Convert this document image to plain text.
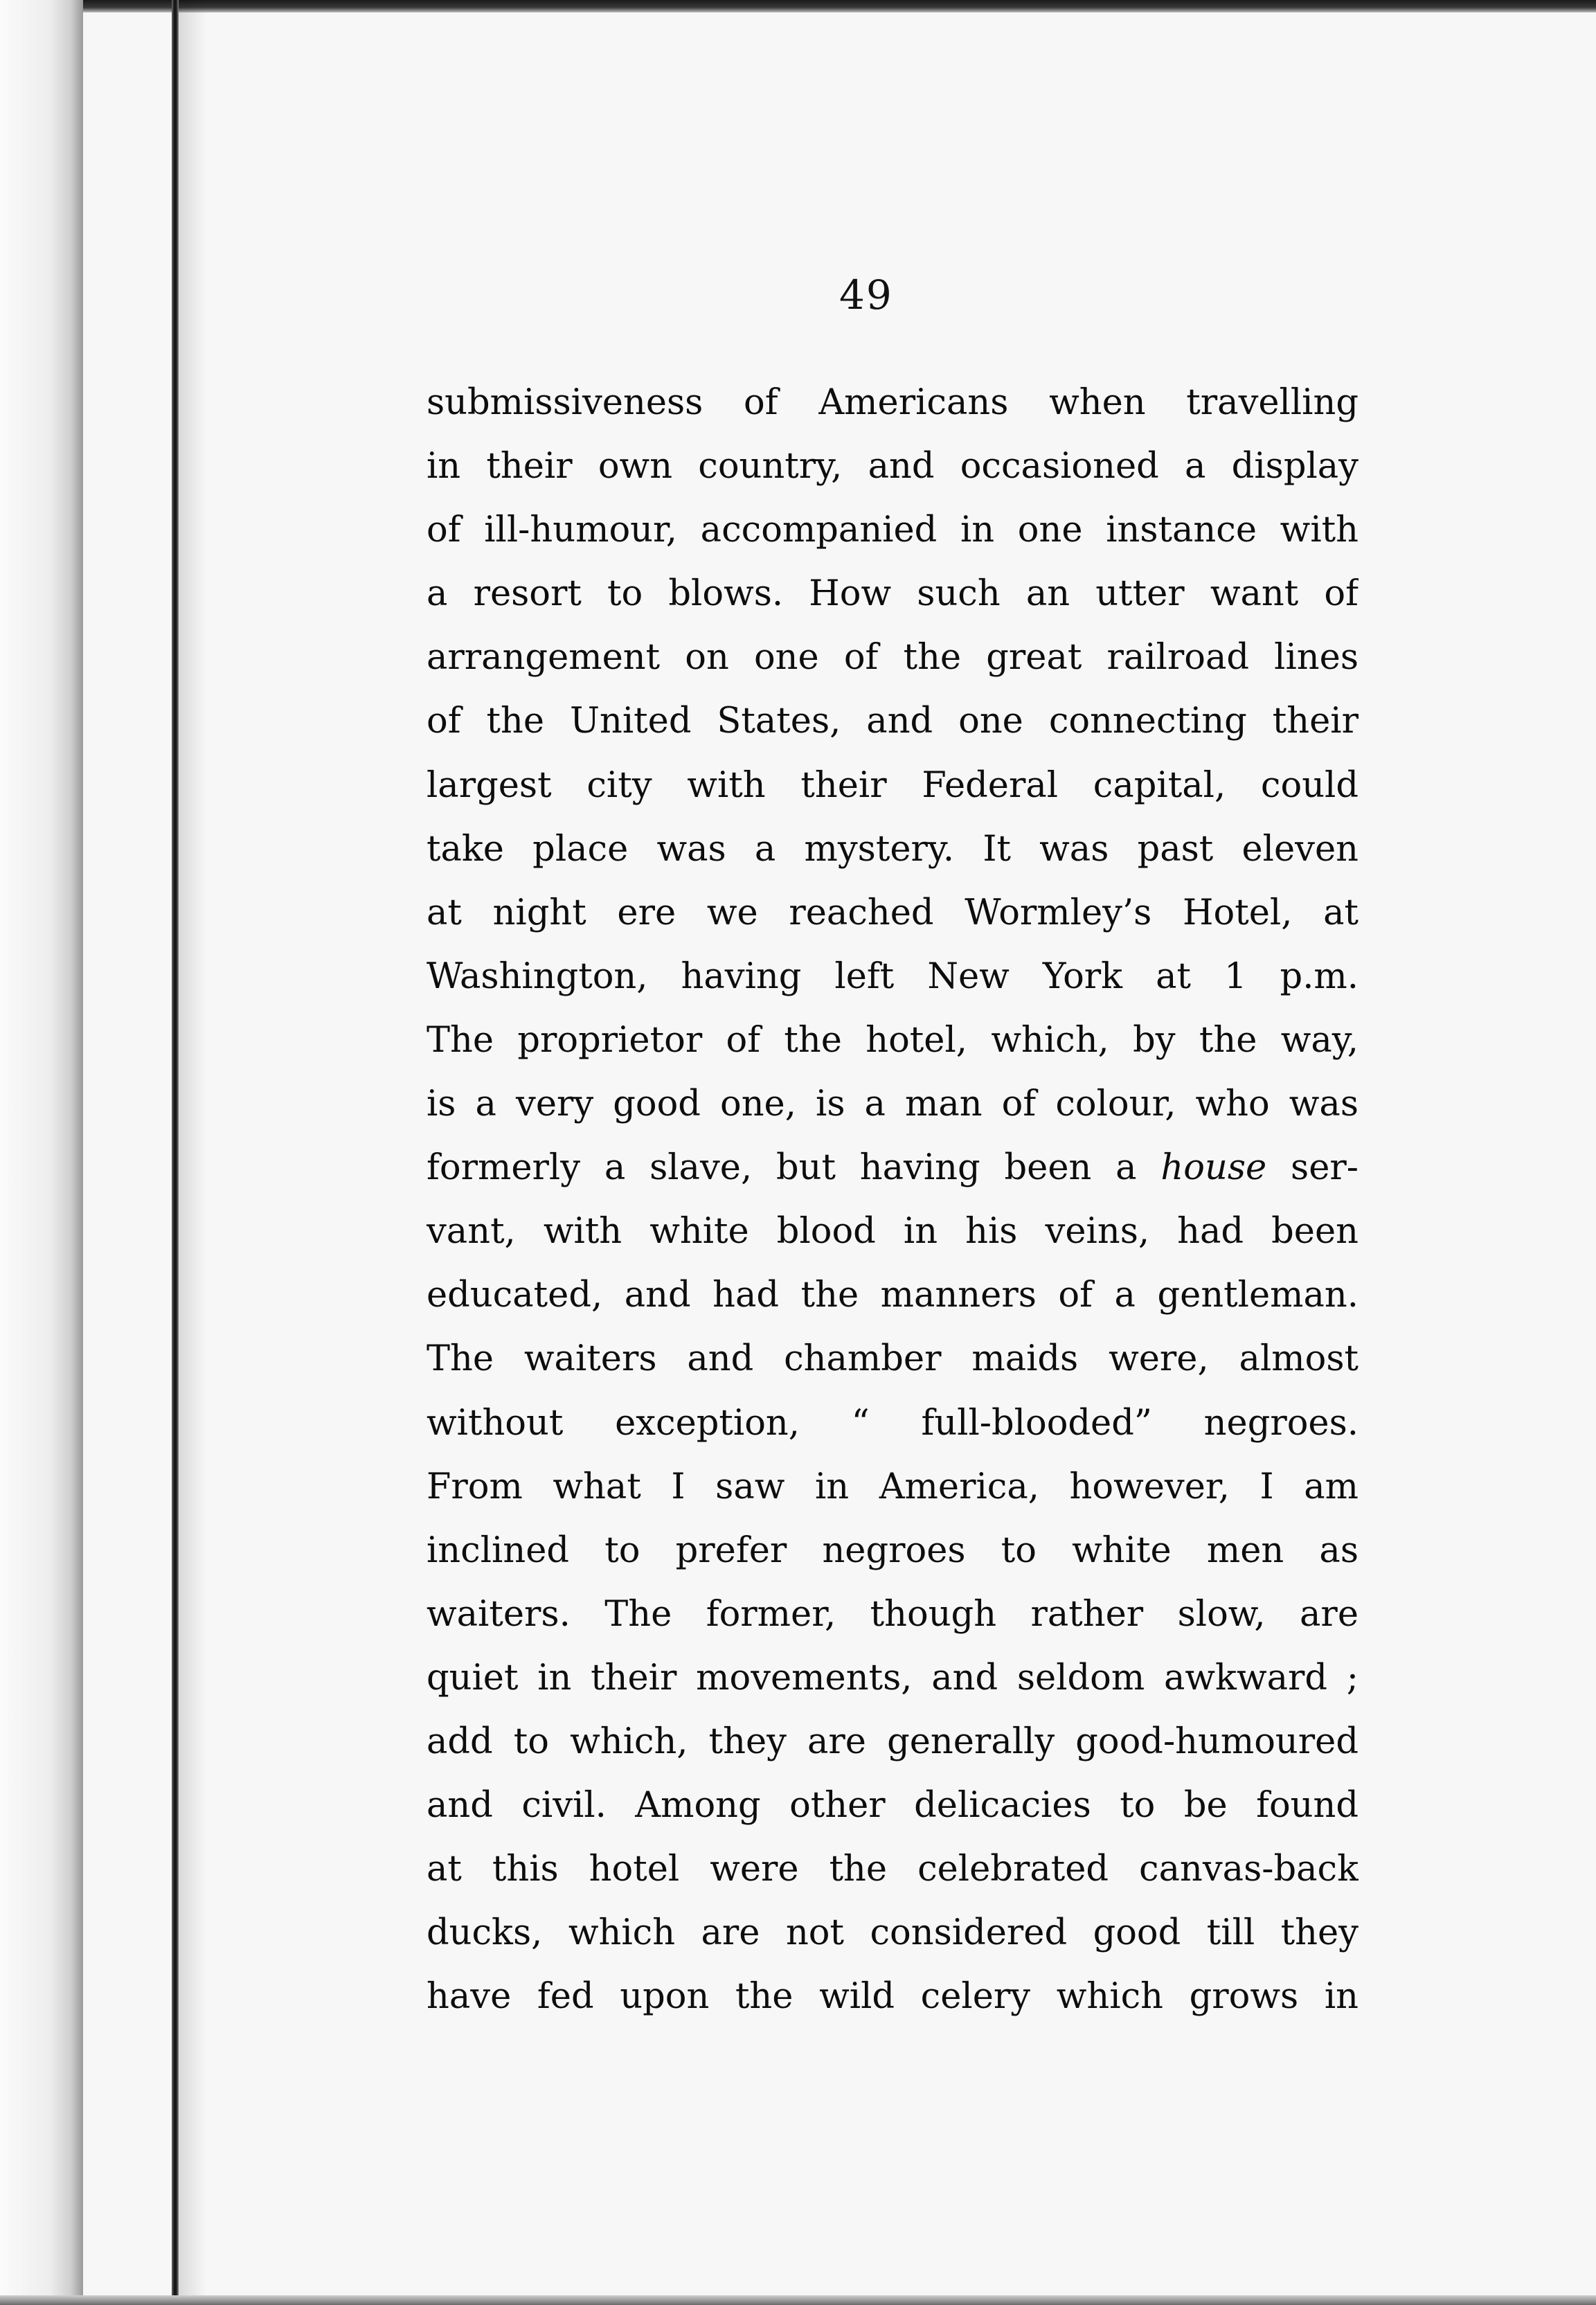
49
submissiveness of Americans when travelling
in their own country, and occasioned a display
of ill-humour, accompanied in one instance with
a resort to blows. How such an utter want of
arrangement on one of the great railroad lines
of the United States, and one connecting their
largest city with their Federal capital, could
take place was a mystery. It was past eleven
at night ere we reached Wormley’s Hotel, at
Washington, having left New York at 1 p.m.
The proprietor of the hotel, which, by the way,
is a very good one, is a man of colour, who was
formerly a slave, but having been a house ser-
vant, with white blood in his veins, had been
educated, and had the manners of a gentleman.
The waiters and chamber maids were, almost
without exception, “ full-blooded” negroes.
From what I saw in America, however, I am
inclined to prefer negroes to white men as
waiters. The former, though rather slow, are
quiet in their movements, and seldom awkward ;
add to which, they are generally good-humoured
and civil. Among other delicacies to be found
at this hotel were the celebrated canvas-back
ducks, which are not considered good till they
have fed upon the wild celery which grows in
